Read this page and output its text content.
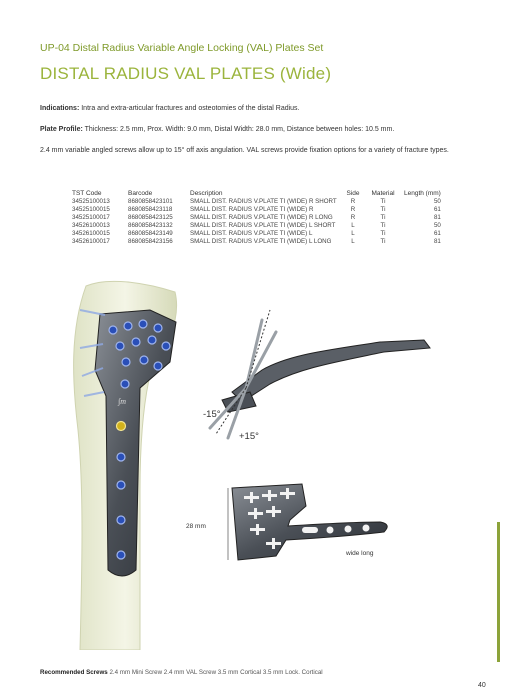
UP-04 Distal Radius Variable Angle Locking (VAL) Plates Set
DISTAL RADIUS VAL PLATES (Wide)
Indications: Intra and extra-articular fractures and osteotomies of the distal Radius.
Plate Profile: Thickness: 2.5 mm, Prox. Width: 9.0 mm, Distal Width: 28.0 mm, Distance between holes: 10.5 mm.
2.4 mm variable angled screws allow up to 15° off axis angulation. VAL screws provide fixation options for a variety of fracture types.
TST Code	Barcode	Description	Side	Material	Length (mm)
34525100013	8680858423101	SMALL DIST. RADIUS V.PLATE TI (WIDE) R SHORT	R	Ti	50
34525100015	8680858423118	SMALL DIST. RADIUS V.PLATE TI (WIDE) R	R	Ti	61
34525100017	8680858423125	SMALL DIST. RADIUS V.PLATE TI (WIDE) R LONG	R	Ti	81
34526100013	8680858423132	SMALL DIST. RADIUS V.PLATE TI (WIDE) L SHORT	L	Ti	50
34526100015	8680858423149	SMALL DIST. RADIUS V.PLATE TI (WIDE) L	L	Ti	61
34526100017	8680858423156	SMALL DIST. RADIUS V.PLATE TI (WIDE) L LONG	L	Ti	81
∫m
-15°
+15°
28 mm
wide long
Recommended Screws 2.4 mm Mini Screw 2.4 mm VAL Screw 3.5 mm Cortical 3.5 mm Lock. Cortical
40
